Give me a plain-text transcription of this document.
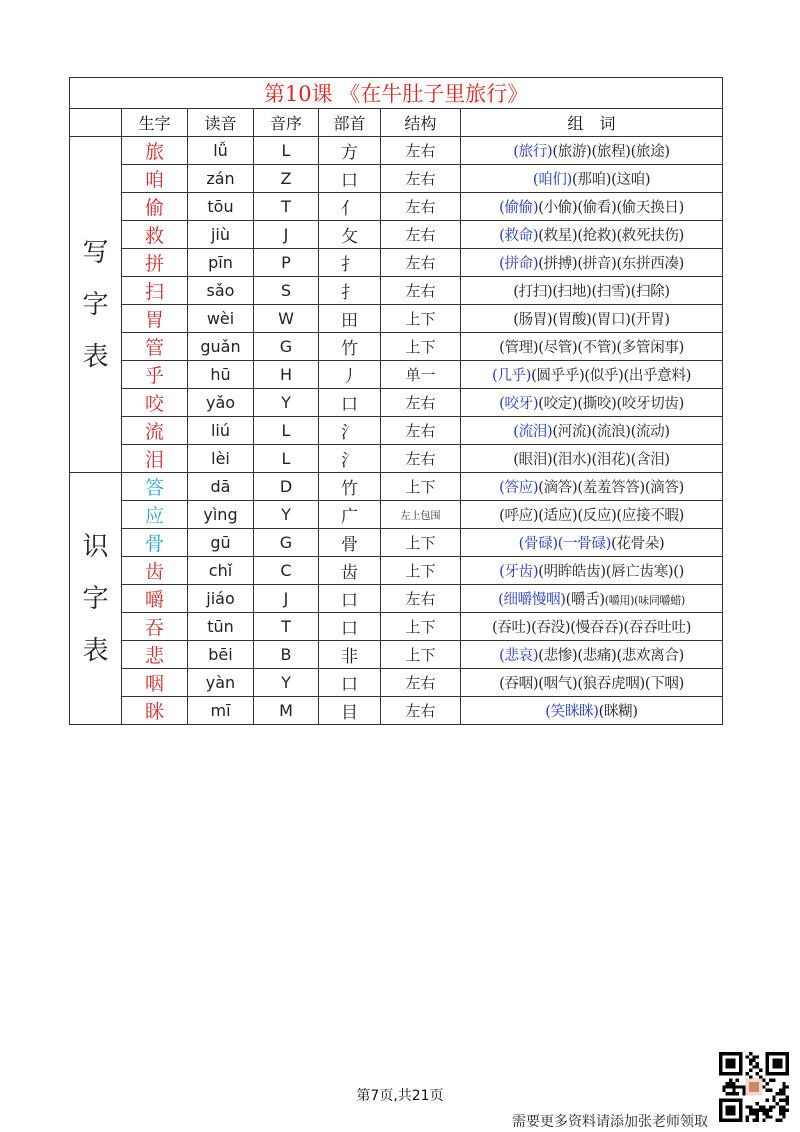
第10课 《在牛肚子里旅行》						
	生字	读音	音序	部首	结构	组　词

写
字
表	旅	lǚ	L	方	左右	(旅行)(旅游)(旅程)(旅途)
	咱	zán	Z	口	左右	(咱们)(那咱)(这咱)
	偷	tōu	T	亻	左右	(偷偷)(小偷)(偷看)(偷天换日)
	救	jiù	J	攵	左右	(救命)(救星)(抢救)(救死扶伤)
	拼	pīn	P	扌	左右	(拼命)(拼搏)(拼音)(东拼西凑)
	扫	sǎo	S	扌	左右	(打扫)(扫地)(扫雪)(扫除)
	胃	wèi	W	田	上下	(肠胃)(胃酸)(胃口)(开胃)
	管	guǎn	G	竹	上下	(管理)(尽管)(不管)(多管闲事)
	乎	hū	H	丿	单一	(几乎)(圆乎乎)(似乎)(出乎意料)
	咬	yǎo	Y	口	左右	(咬牙)(咬定)(撕咬)(咬牙切齿)
	流	liú	L	氵	左右	(流泪)(河流)(流浪)(流动)
	泪	lèi	L	氵	左右	(眼泪)(泪水)(泪花)(含泪)

识
字
表	答	dā	D	竹	上下	(答应)(滴答)(羞羞答答)(滴答)
	应	yìng	Y	广	左上包围	(呼应)(适应)(反应)(应接不暇)
	骨	gū	G	骨	上下	(骨碌)(一骨碌)(花骨朵)
	齿	chǐ	C	齿	上下	(牙齿)(明眸皓齿)(唇亡齿寒)()
	嚼	jiáo	J	口	左右	(细嚼慢咽)(嚼舌)(嚼用)(味同嚼蜡)
	吞	tūn	T	口	上下	(吞吐)(吞没)(慢吞吞)(吞吞吐吐)
	悲	bēi	B	非	上下	(悲哀)(悲惨)(悲痛)(悲欢离合)
	咽	yàn	Y	口	左右	(吞咽)(咽气)(狼吞虎咽)(下咽)
	眯	mī	M	目	左右	(笑眯眯)(眯糊)
第7页,共21页
需要更多资料请添加张老师领取
